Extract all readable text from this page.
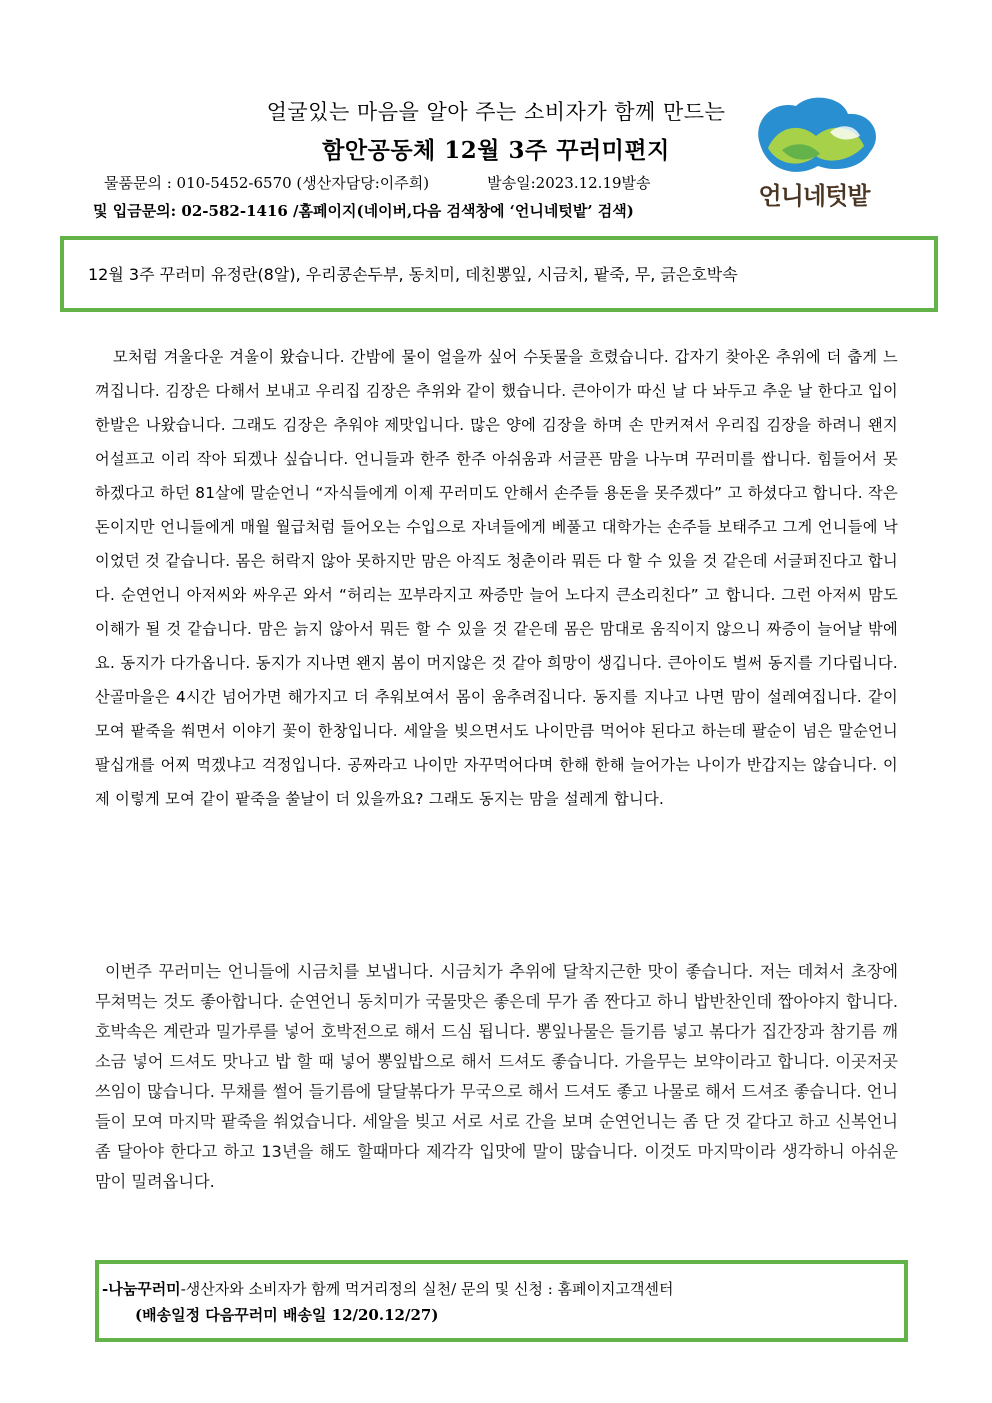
얼굴있는 마음을 알아 주는 소비자가 함께 만드는
함안공동체 12월 3주 꾸러미편지
물품문의 : 010-5452-6570 (생산자담당:이주희)	발송일:2023.12.19발송
및 입금문의: 02-582-1416 /홈페이지(네이버,다음 검색창에 ‘언니네텃밭’ 검색)
언니네텃밭
12월 3주 꾸러미 유정란(8알), 우리콩손두부, 동치미, 데친뽕잎, 시금치, 팥죽, 무, 긁은호박속

모처럼 겨울다운 겨울이 왔습니다. 간밤에 물이 얼을까 싶어 수돗물을 흐렸습니다. 갑자기 찾아온 추위에 더 춥게 느껴집니다. 김장은 다해서 보내고 우리집 김장은 추위와 같이 했습니다. 큰아이가 따신 날 다 놔두고 추운 날 한다고 입이 한발은 나왔습니다. 그래도 김장은 추워야 제맛입니다. 많은 양에 김장을 하며 손 만커져서 우리집 김장을 하려니 왠지 어설프고 이리 작아 되겠나 싶습니다. 언니들과 한주 한주 아쉬움과 서글픈 맘을 나누며 꾸러미를 쌉니다. 힘들어서 못하겠다고 하던 81살에 말순언니 “자식들에게 이제 꾸러미도 안해서 손주들 용돈을 못주겠다” 고 하셨다고 합니다. 작은 돈이지만 언니들에게 매월 월급처럼 들어오는 수입으로 자녀들에게 베풀고 대학가는 손주들 보태주고 그게 언니들에 낙이었던 것 같습니다. 몸은 허락지 않아 못하지만 맘은 아직도 청춘이라 뭐든 다 할 수 있을 것 같은데 서글퍼진다고 합니다. 순연언니 아저씨와 싸우곤 와서 “허리는 꼬부라지고 짜증만 늘어 노다지 큰소리친다” 고 합니다. 그런 아저씨 맘도 이해가 될 것 같습니다. 맘은 늙지 않아서 뭐든 할 수 있을 것 같은데 몸은 맘대로 움직이지 않으니 짜증이 늘어날 밖에요. 동지가 다가옵니다. 동지가 지나면 왠지 봄이 머지않은 것 같아 희망이 생깁니다. 큰아이도 벌써 동지를 기다립니다. 산골마을은 4시간 넘어가면 해가지고 더 추워보여서 몸이 움추려집니다. 동지를 지나고 나면 맘이 설레여집니다. 같이 모여 팥죽을 쒀면서 이야기 꽃이 한창입니다. 세알을 빚으면서도 나이만큼 먹어야 된다고 하는데 팔순이 넘은 말순언니 팔십개를 어찌 먹겠냐고 걱정입니다. 공짜라고 나이만 자꾸먹어다며 한해 한해 늘어가는 나이가 반갑지는 않습니다. 이제 이렇게 모여 같이 팥죽을 쑬날이 더 있을까요? 그래도 동지는 맘을 설레게 합니다.

이번주 꾸러미는 언니들에 시금치를 보냅니다. 시금치가 추위에 달착지근한 맛이 좋습니다. 저는 데쳐서 초장에 무쳐먹는 것도 좋아합니다. 순연언니 동치미가 국물맛은 좋은데 무가 좀 짠다고 하니 밥반찬인데 짭아야지 합니다. 호박속은 계란과 밀가루를 넣어 호박전으로 해서 드심 됩니다. 뽕잎나물은 들기름 넣고 볶다가 집간장과 참기름 깨소금 넣어 드셔도 맛나고 밥 할 때 넣어 뽕잎밥으로 해서 드셔도 좋습니다. 가을무는 보약이라고 합니다. 이곳저곳 쓰임이 많습니다. 무채를 썰어 들기름에 달달볶다가 무국으로 해서 드셔도 좋고 나물로 해서 드셔조 좋습니다. 언니들이 모여 마지막 팥죽을 쒀었습니다. 세알을 빚고 서로 서로 간을 보며 순연언니는 좀 단 것 같다고 하고 신복언니 좀 달아야 한다고 하고 13년을 해도 할때마다 제각각 입맛에 말이 많습니다. 이것도 마지막이라 생각하니 아쉬운 맘이 밀려옵니다.

-나눔꾸러미-생산자와 소비자가 함께 먹거리정의 실천/ 문의 및 신청 : 홈페이지고객센터
(배송일정 다음꾸러미 배송일 12/20.12/27)
